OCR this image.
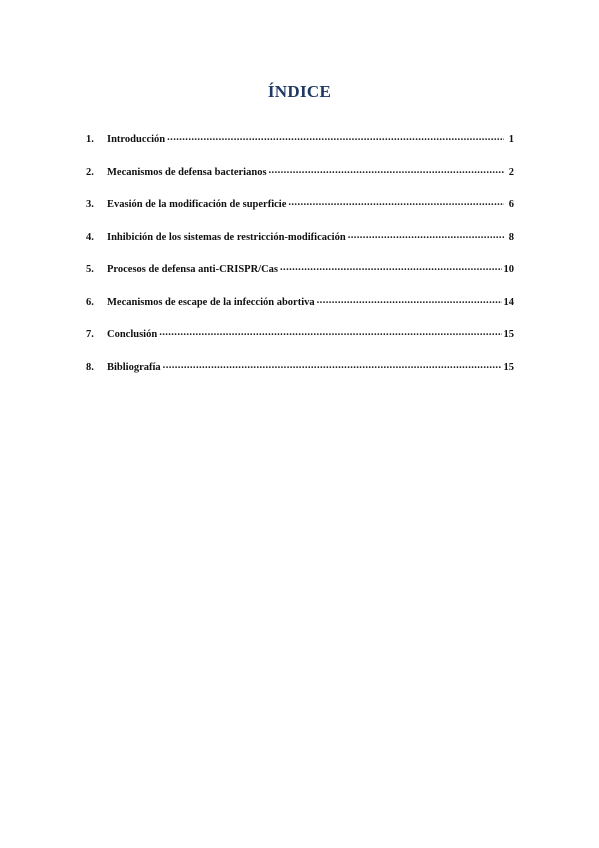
ÍNDICE
1.	Introducción .....	1
2.	Mecanismos de defensa bacterianos .....	2
3.	Evasión de la modificación de superficie .....	6
4.	Inhibición de los sistemas de restricción-modificación .....	8
5.	Procesos de defensa anti-CRISPR/Cas .....	10
6.	Mecanismos de escape de la infección abortiva .....	14
7.	Conclusión .....	15
8.	Bibliografía .....	15
